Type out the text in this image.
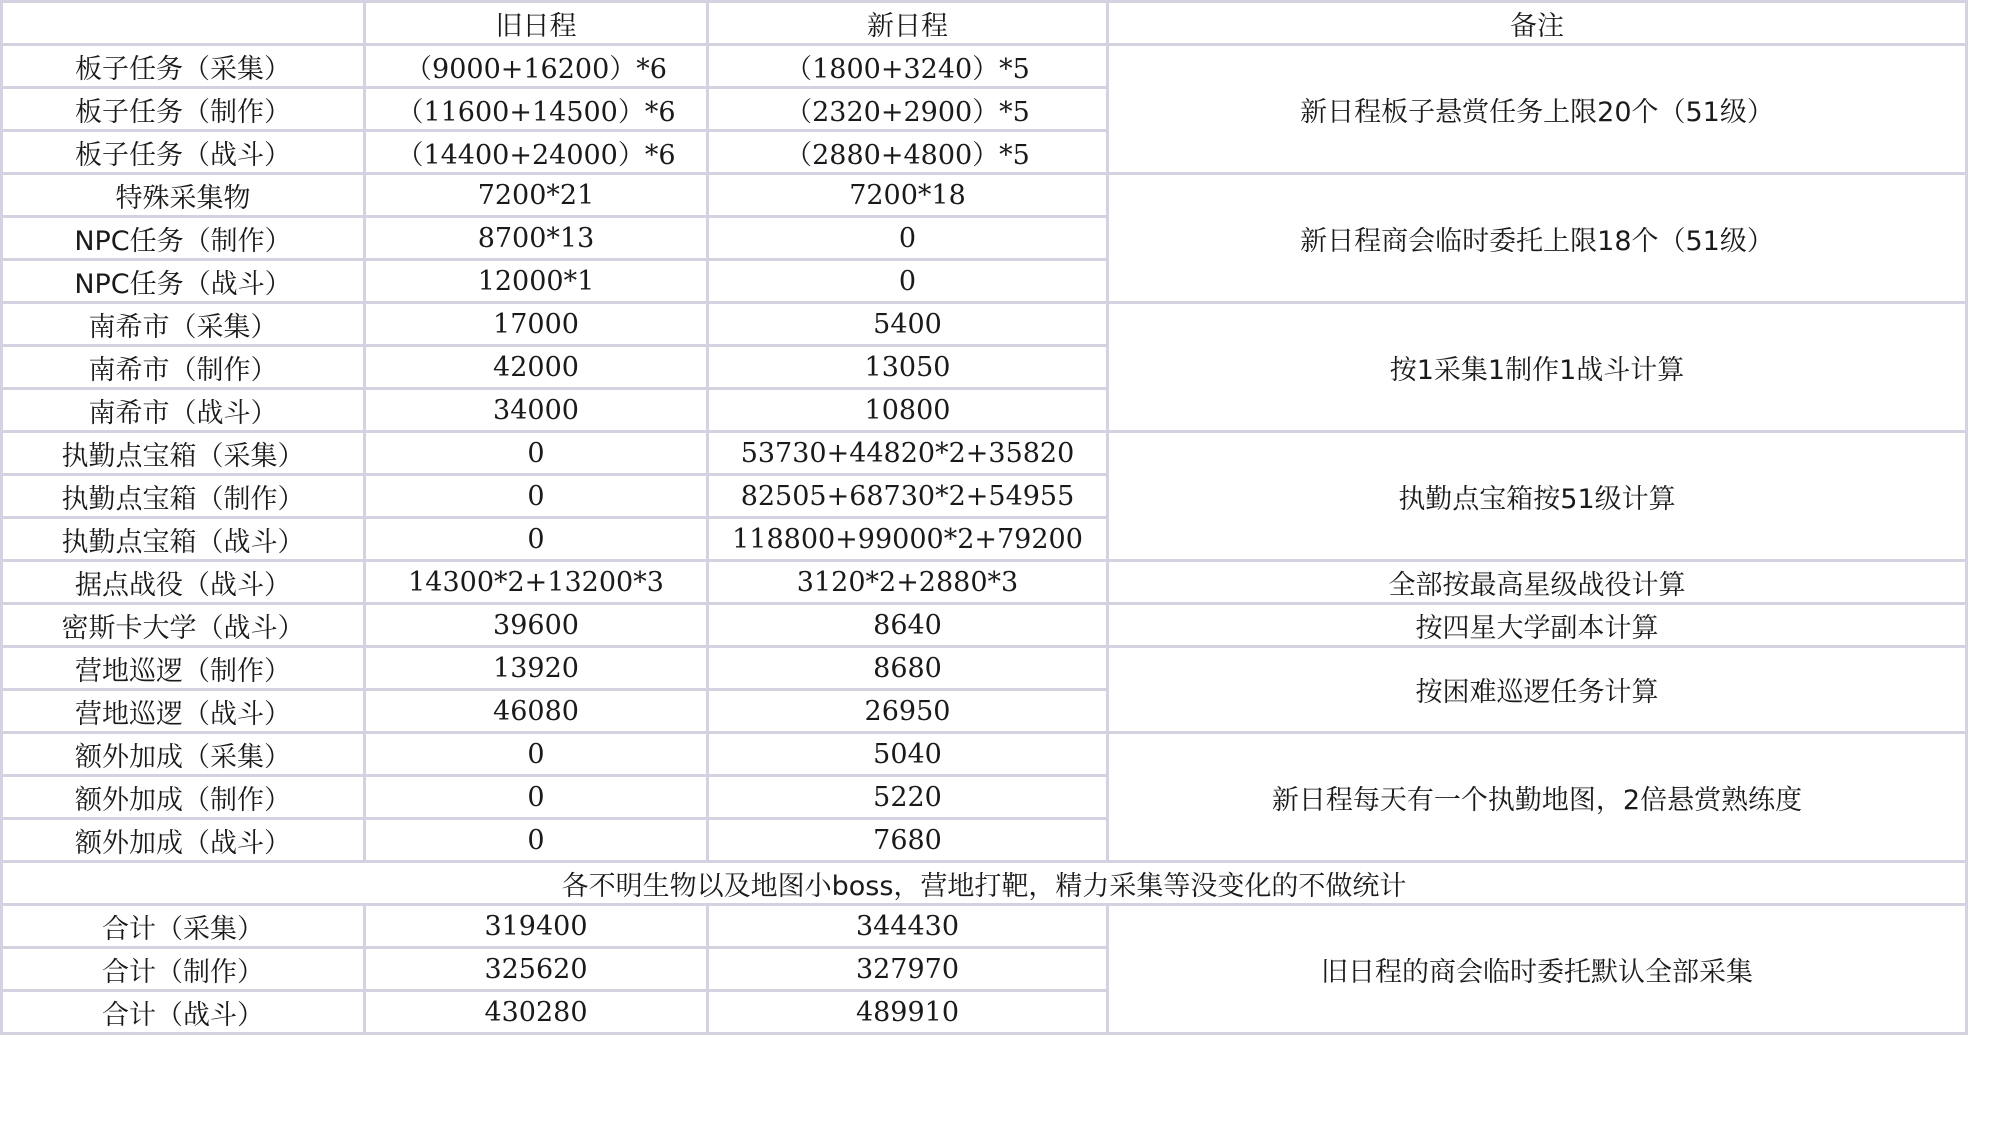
	旧日程	新日程	备注
板子任务（采集）	（9000+16200）*6	（1800+3240）*5	新日程板子悬赏任务上限20个（51级）
板子任务（制作）	（11600+14500）*6	（2320+2900）*5	
板子任务（战斗）	（14400+24000）*6	（2880+4800）*5	
特殊采集物	7200*21	7200*18	新日程商会临时委托上限18个（51级）
NPC任务（制作）	8700*13	0	
NPC任务（战斗）	12000*1	0	
南希市（采集）	17000	5400	按1采集1制作1战斗计算
南希市（制作）	42000	13050	
南希市（战斗）	34000	10800	
执勤点宝箱（采集）	0	53730+44820*2+35820	执勤点宝箱按51级计算
执勤点宝箱（制作）	0	82505+68730*2+54955	
执勤点宝箱（战斗）	0	118800+99000*2+79200	
据点战役（战斗）	14300*2+13200*3	3120*2+2880*3	全部按最高星级战役计算
密斯卡大学（战斗）	39600	8640	按四星大学副本计算
营地巡逻（制作）	13920	8680	按困难巡逻任务计算
营地巡逻（战斗）	46080	26950	
额外加成（采集）	0	5040	新日程每天有一个执勤地图，2倍悬赏熟练度
额外加成（制作）	0	5220	
额外加成（战斗）	0	7680	
各不明生物以及地图小boss，营地打靶，精力采集等没变化的不做统计			
合计（采集）	319400	344430	旧日程的商会临时委托默认全部采集
合计（制作）	325620	327970	
合计（战斗）	430280	489910	
